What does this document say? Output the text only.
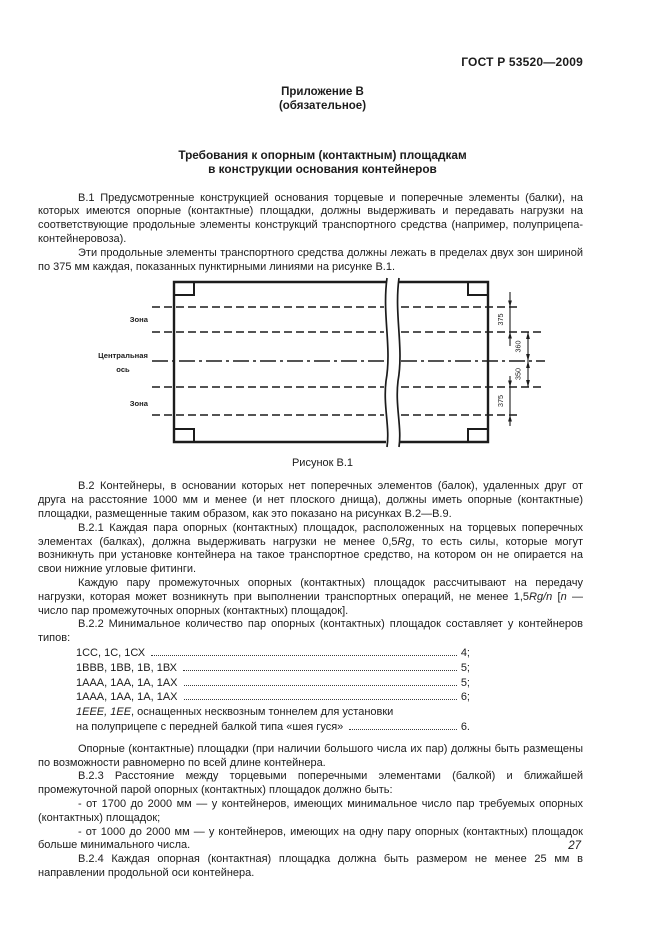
ГОСТ Р 53520—2009
Приложение В
(обязательное)
Требования к опорным (контактным) площадкам
в конструкции основания контейнеров

В.1 Предусмотренные конструкцией основания торцевые и поперечные элементы (балки), на которых имеются опорные (контактные) площадки, должны выдерживать и передавать нагрузки на соответствующие продольные элементы конструкций транспортного средства (например, полуприцепа-контейнеровоза).

Эти продольные элементы транспортного средства должны лежать в пределах двух зон шириной по 375 мм каждая, показанных пунктирными линиями на рисунке В.1.

Зона
Центральная
ось
Зона
375
360
350
375
Рисунок В.1

В.2 Контейнеры, в основании которых нет поперечных элементов (балок), удаленных друг от друга на расстояние 1000 мм и менее (и нет плоского днища), должны иметь опорные (контактные) площадки, размещенные таким образом, как это показано на рисунках В.2—В.9.

В.2.1 Каждая пара опорных (контактных) площадок, расположенных на торцевых поперечных элементах (балках), должна выдерживать нагрузки не менее 0,5Rg, то есть силы, которые могут возникнуть при установке контейнера на такое транспортное средство, на котором он не опирается на свои нижние угловые фитинги.

Каждую пару промежуточных опорных (контактных) площадок рассчитывают на передачу нагрузки, которая может возникнуть при выполнении транспортных операций, не менее 1,5Rg/n [n — число пар промежуточных опорных (контактных) площадок].

В.2.2 Минимальное количество пар опорных (контактных) площадок составляет у контейнеров типов:

1СС, 1С, 1СХ	4;
1ВВВ, 1ВВ, 1В, 1ВХ	5;
1ААА, 1АА, 1А, 1АХ	5;
1ААА, 1АА, 1А, 1АХ	6;
1ЕЕЕ, 1ЕЕ, оснащенных несквозным тоннелем для установки
на полуприцепе с передней балкой типа «шея гуся»	6.

Опорные (контактные) площадки (при наличии большого числа их пар) должны быть размещены по возможности равномерно по всей длине контейнера.

В.2.3 Расстояние между торцевыми поперечными элементами (балкой) и ближайшей промежуточной парой опорных (контактных) площадок должно быть:

- от 1700 до 2000 мм — у контейнеров, имеющих минимальное число пар требуемых опорных (контактных) площадок;

- от 1000 до 2000 мм — у контейнеров, имеющих на одну пару опорных (контактных) площадок больше минимального числа.

В.2.4 Каждая опорная (контактная) площадка должна быть размером не менее 25 мм в направлении продольной оси контейнера.

27
